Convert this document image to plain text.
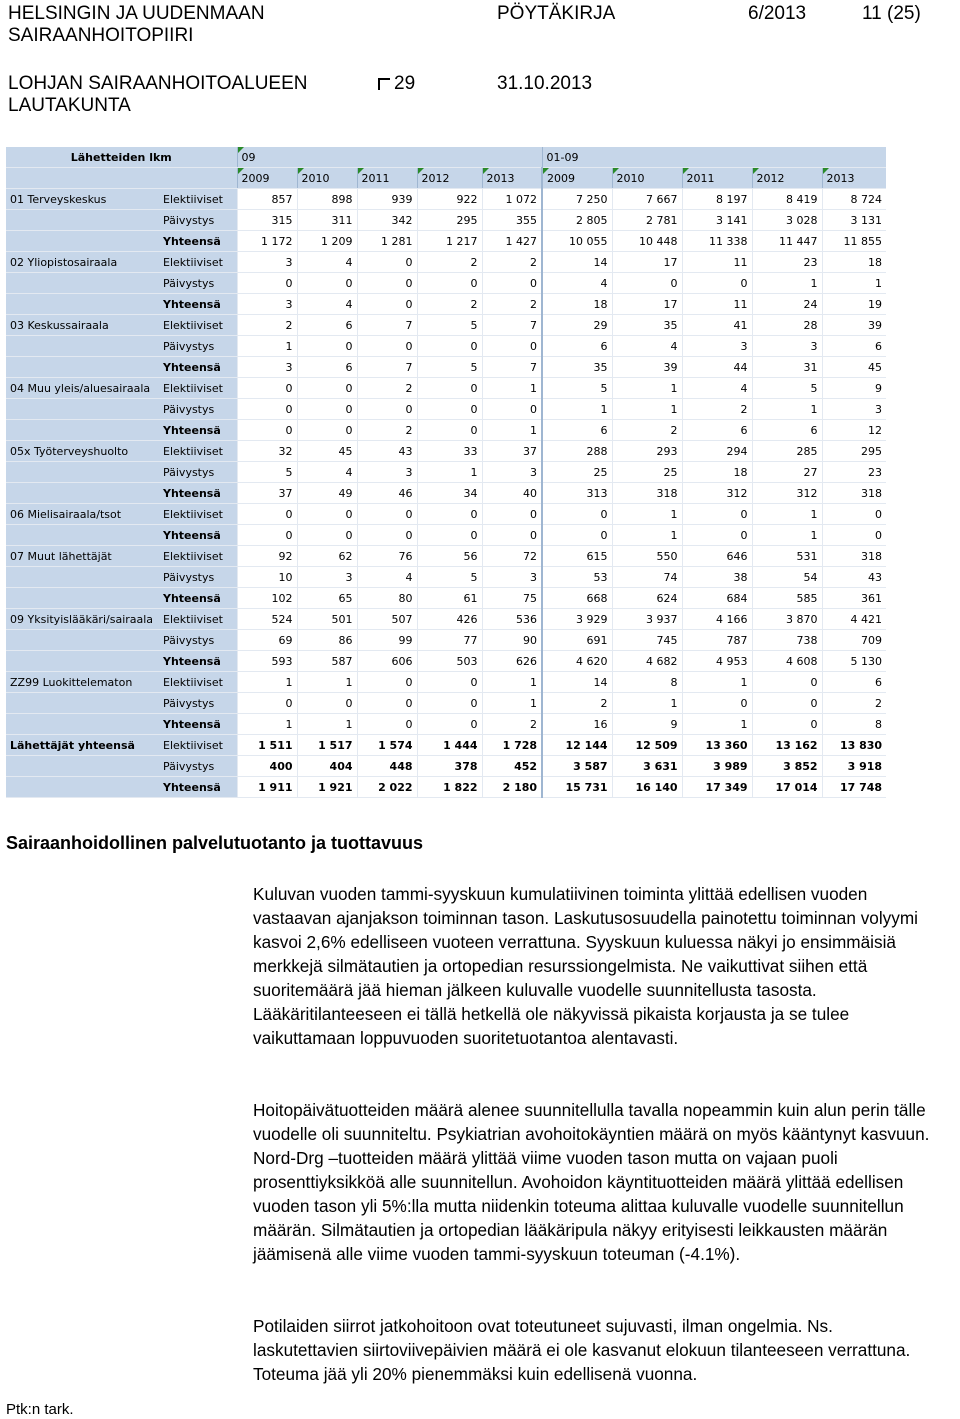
HELSINGIN JA UUDENMAAN
SAIRAANHOITOPIIRI
PÖYTÄKIRJA	6/2013	11 (25)
LOHJAN SAIRAANHOITOALUEEN
LAUTAKUNTA
29	31.10.2013
Lähetteiden lkm		09					01-09				

2009	2010	2011	2012	2013	2009	2010	2011	2012	2013
01 Terveyskeskus	Elektiiviset	857	898	939	922	1 072	7 250	7 667	8 197	8 419	8 724
	Päivystys	315	311	342	295	355	2 805	2 781	3 141	3 028	3 131
	Yhteensä	1 172	1 209	1 281	1 217	1 427	10 055	10 448	11 338	11 447	11 855
02 Yliopistosairaala	Elektiiviset	3	4	0	2	2	14	17	11	23	18
	Päivystys	0	0	0	0	0	4	0	0	1	1
	Yhteensä	3	4	0	2	2	18	17	11	24	19
03 Keskussairaala	Elektiiviset	2	6	7	5	7	29	35	41	28	39
	Päivystys	1	0	0	0	0	6	4	3	3	6
	Yhteensä	3	6	7	5	7	35	39	44	31	45
04 Muu yleis/aluesairaala	Elektiiviset	0	0	2	0	1	5	1	4	5	9
	Päivystys	0	0	0	0	0	1	1	2	1	3
	Yhteensä	0	0	2	0	1	6	2	6	6	12
05x Työterveyshuolto	Elektiiviset	32	45	43	33	37	288	293	294	285	295
	Päivystys	5	4	3	1	3	25	25	18	27	23
	Yhteensä	37	49	46	34	40	313	318	312	312	318
06 Mielisairaala/tsot	Elektiiviset	0	0	0	0	0	0	1	0	1	0
	Yhteensä	0	0	0	0	0	0	1	0	1	0
07 Muut lähettäjät	Elektiiviset	92	62	76	56	72	615	550	646	531	318
	Päivystys	10	3	4	5	3	53	74	38	54	43
	Yhteensä	102	65	80	61	75	668	624	684	585	361
09 Yksityislääkäri/sairaala	Elektiiviset	524	501	507	426	536	3 929	3 937	4 166	3 870	4 421
	Päivystys	69	86	99	77	90	691	745	787	738	709
	Yhteensä	593	587	606	503	626	4 620	4 682	4 953	4 608	5 130
ZZ99 Luokittelematon	Elektiiviset	1	1	0	0	1	14	8	1	0	6
	Päivystys	0	0	0	0	1	2	1	0	0	2
	Yhteensä	1	1	0	0	2	16	9	1	0	8
Lähettäjät yhteensä	Elektiiviset	1 511	1 517	1 574	1 444	1 728	12 144	12 509	13 360	13 162	13 830
	Päivystys	400	404	448	378	452	3 587	3 631	3 989	3 852	3 918
	Yhteensä	1 911	1 921	2 022	1 822	2 180	15 731	16 140	17 349	17 014	17 748
Sairaanhoidollinen palvelutuotanto ja tuottavuus
Kuluvan vuoden tammi-syyskuun kumulatiivinen toiminta ylittää edellisen vuoden vastaavan ajanjakson toiminnan tason. Laskutusosuudella painotettu toiminnan volyymi kasvoi 2,6% edelliseen vuoteen verrattuna. Syyskuun kuluessa näkyi jo ensimmäisiä merkkejä silmätautien ja ortopedian resurssiongelmista. Ne vaikuttivat siihen että suoritemäärä jää hieman jälkeen kuluvalle vuodelle suunnitellusta tasosta. Lääkäritilanteeseen ei tällä hetkellä ole näkyvissä pikaista korjausta ja se tulee vaikuttamaan loppuvuoden suoritetuotantoa alentavasti.
Hoitopäivätuotteiden määrä alenee suunnitellulla tavalla nopeammin kuin alun perin tälle vuodelle oli suunniteltu. Psykiatrian avohoitokäyntien määrä on myös kääntynyt kasvuun. Nord-Drg –tuotteiden määrä ylittää viime vuoden tason mutta on vajaan puoli prosenttiyksikköä alle suunnitellun. Avohoidon käyntituotteiden määrä ylittää edellisen vuoden tason yli 5%:lla mutta niidenkin toteuma alittaa kuluvalle vuodelle suunnitellun määrän. Silmätautien ja ortopedian lääkäripula näkyy erityisesti leikkausten määrän jäämisenä alle viime vuoden tammi-syyskuun toteuman (-4.1%).
Potilaiden siirrot jatkohoitoon ovat toteutuneet sujuvasti, ilman ongelmia. Ns. laskutettavien siirtoviivepäivien määrä ei ole kasvanut elokuun tilanteeseen verrattuna. Toteuma jää yli 20% pienemmäksi kuin edellisenä vuonna.
Ptk:n tark.
